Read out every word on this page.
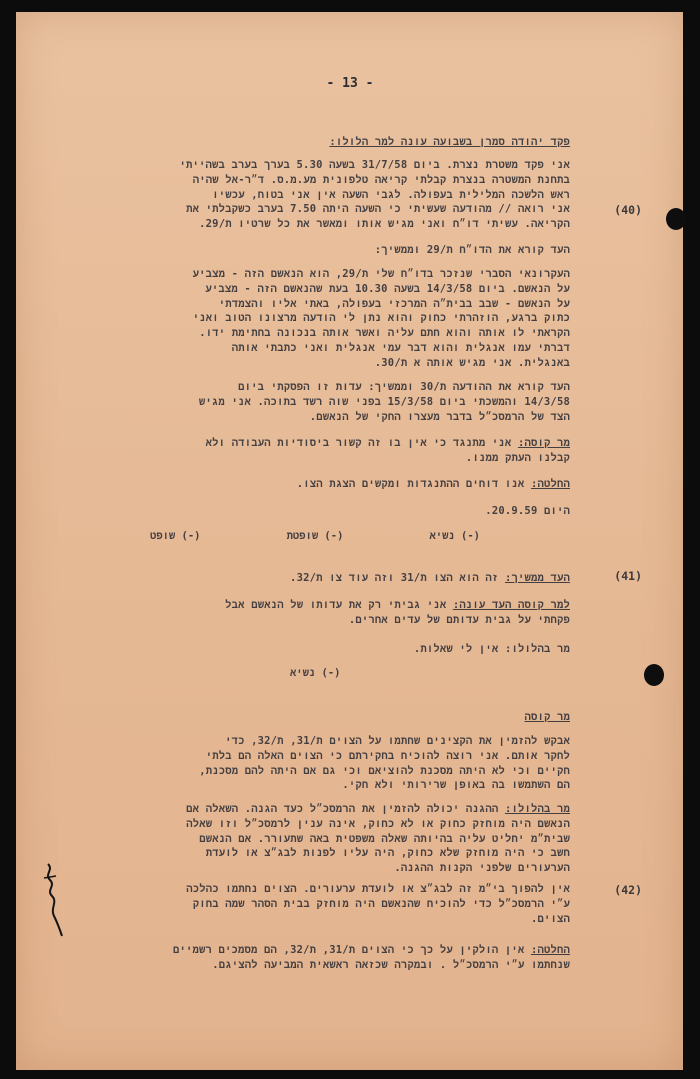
- 13 -

פקד יהודה סמרן בשבועה עונה למר הלולו:

אני פקד משטרת נצרת. ביום 31/7/58 בשעה 5.30 בערך בערב בשהייתי

בתחנת המשטרה בנצרת קבלתי קריאה טלפונית מע.מ.ס. ד״ר-אל שהיה

ראש הלשכה המלילית בעפולה. לגבי השעה אין אני בטוח, עכשיו

אני רואה // מהודעה שעשיתי כי השעה היתה 7.50 בערב כשקבלתי את

הקריאה. עשיתי דו״ח ואני מגיש אותו ומאשר את כל שרטיו ת/29.

העד קורא את הדו״ח ת/29 וממשיך:

העקרונאי הסברי שנזכר בדו״ח שלי ת/29, הוא הנאשם הזה - מצביע

על הנאשם. ביום 14/3/58 בשעה 10.30 בעת שהנאשם הזה - מצביע

על הנאשם - שבב בבית״ה המרכזי בעפולה, באתי אליו והצמדתי

כתוק ברגע, הוזהרתי כחוק והוא נתן לי הודעה מרצונו הטוב ואני

הקראתי לו אותה והוא חתם עליה ואשר אותה בנכונה בחתימת ידו.

דברתי עמו אנגלית והוא דבר עמי אנגלית ואני כתבתי אותה

באנגלית. אני מגיש אותה א ת/30.

העד קורא את ההודעה ת/30 וממשיך: עדות זו הפסקתי ביום

14/3/58 והמשכתי ביום 15/3/58 בפני שוה רשד בתוכה. אני מגיש

הצד של הרמסכ״ל בדבר מעצרו החקי של הנאשם.

מר קוסה: אני מתנגד כי אין בו זה קשור ביסודיות העבודה ולא

קבלנו העתק ממנו.

החלטה: אנו דוחים ההתנגדות ומקשים הצגת הצו.

היום 20.9.59.

העד ממשיך: זה הוא הצו ת/31 וזה עוד צו ת/32.

למר קוסה העד עונה: אני גביתי רק את עדותו של הנאשם אבל

פקחתי על גבית עדותם של עדים אחרים.

מר בהלולו: אין לי שאלות.

מר קוסה

אבקש להזמין את הקצינים שחתמו על הצוים ת/31, ת/32, כדי

לחקר אותם. אני רוצה להוכיח בחקירתם כי הצוים האלה הם בלתי

חקיים וכי לא היתה מסכנת להוציאם וכי גם אם היתה להם מסכנת,

הם השתמשו בה באופן שרירותי ולא חקי.

מר בהלולו: ההגנה יכולה להזמין את הרמסכ״ל כעד הגנה. השאלה אם

הנאשם היה מוחזק כחוק או לא כחוק, אינה ענין לרמסכ״ל וזו שאלה

שבית״מ יחליט עליה בהיותה שאלה משפטית באה שתעורר. אם הנאשם

חשב כי היה מוחזק שלא כחוק, היה עליו לפנות לבג״צ או לועדת

הערעורים שלפני הקנות ההגנה.

אין להפוך בי״מ זה לבג״צ או לועדת ערעורים. הצוים נחתמו כהלכה

ע״י הרמסכ״ל כדי להוכיח שהנאשם היה מוחזק בבית הסהר שמה בחוק

הצוים.

החלטה: אין הולקין על כך כי הצוים ת/31, ת/32, הם מסמכים רשמיים

שנחתמו ע״י הרמסכ״ל . ובמקרה שכזאה ראשאית המביעה להציגם.

(-) נשיא
(-) שופטת
(-) שופט
(-) נשיא
(40)
(41)
(42)
